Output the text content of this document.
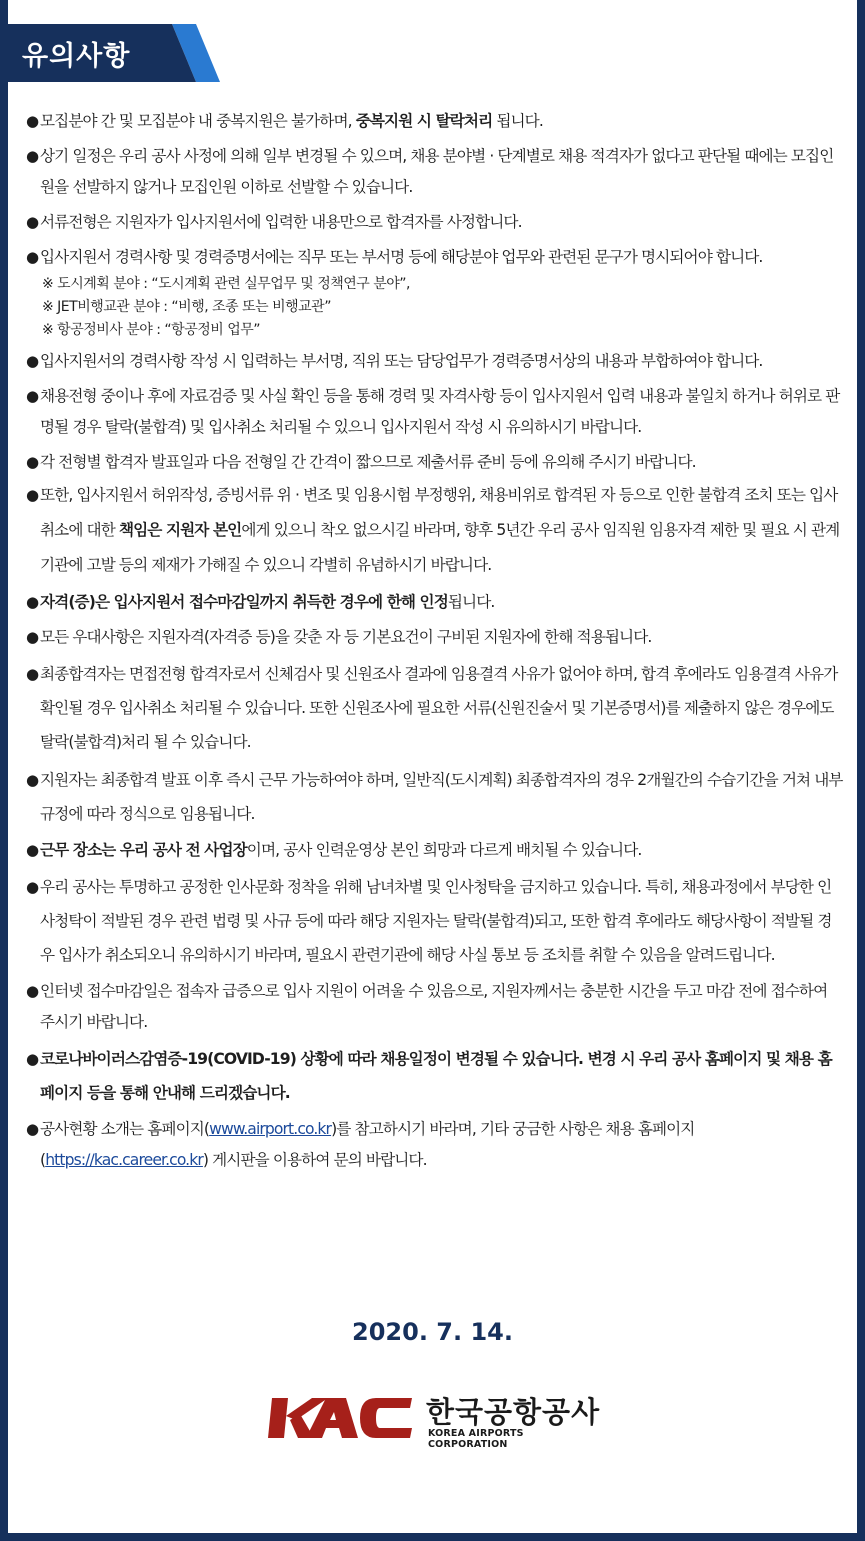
유의사항
● 모집분야 간 및 모집분야 내 중복지원은 불가하며, 중복지원 시 탈락처리 됩니다.
● 상기 일정은 우리 공사 사정에 의해 일부 변경될 수 있으며, 채용 분야별 · 단계별로 채용 적격자가 없다고 판단될 때에는 모집인원을 선발하지 않거나 모집인원 이하로 선발할 수 있습니다.
● 서류전형은 지원자가 입사지원서에 입력한 내용만으로 합격자를 사정합니다.
● 입사지원서 경력사항 및 경력증명서에는 직무 또는 부서명 등에 해당분야 업무와 관련된 문구가 명시되어야 합니다.
※ 도시계획 분야 : “도시계획 관련 실무업무 및 정책연구 분야”,
※ JET비행교관 분야 : “비행, 조종 또는 비행교관”
※ 항공정비사 분야 : “항공정비 업무”
● 입사지원서의 경력사항 작성 시 입력하는 부서명, 직위 또는 담당업무가 경력증명서상의 내용과 부합하여야 합니다.
● 채용전형 중이나 후에 자료검증 및 사실 확인 등을 통해 경력 및 자격사항 등이 입사지원서 입력 내용과 불일치 하거나 허위로 판명될 경우 탈락(불합격) 및 입사취소 처리될 수 있으니 입사지원서 작성 시 유의하시기 바랍니다.
● 각 전형별 합격자 발표일과 다음 전형일 간 간격이 짧으므로 제출서류 준비 등에 유의해 주시기 바랍니다.
● 또한, 입사지원서 허위작성, 증빙서류 위 · 변조 및 임용시험 부정행위, 채용비위로 합격된 자 등으로 인한 불합격 조치 또는 입사취소에 대한 책임은 지원자 본인에게 있으니 착오 없으시길 바라며, 향후 5년간 우리 공사 임직원 임용자격 제한 및 필요 시 관계기관에 고발 등의 제재가 가해질 수 있으니 각별히 유념하시기 바랍니다.
● 자격(증)은 입사지원서 접수마감일까지 취득한 경우에 한해 인정됩니다.
● 모든 우대사항은 지원자격(자격증 등)을 갖춘 자 등 기본요건이 구비된 지원자에 한해 적용됩니다.
● 최종합격자는 면접전형 합격자로서 신체검사 및 신원조사 결과에 임용결격 사유가 없어야 하며, 합격 후에라도 임용결격 사유가 확인될 경우 입사취소 처리될 수 있습니다. 또한 신원조사에 필요한 서류(신원진술서 및 기본증명서)를 제출하지 않은 경우에도 탈락(불합격)처리 될 수 있습니다.
● 지원자는 최종합격 발표 이후 즉시 근무 가능하여야 하며, 일반직(도시계획) 최종합격자의 경우 2개월간의 수습기간을 거쳐 내부규정에 따라 정식으로 임용됩니다.
● 근무 장소는 우리 공사 전 사업장이며, 공사 인력운영상 본인 희망과 다르게 배치될 수 있습니다.
● 우리 공사는 투명하고 공정한 인사문화 정착을 위해 남녀차별 및 인사청탁을 금지하고 있습니다. 특히, 채용과정에서 부당한 인사청탁이 적발된 경우 관련 법령 및 사규 등에 따라 해당 지원자는 탈락(불합격)되고, 또한 합격 후에라도 해당사항이 적발될 경우 입사가 취소되오니 유의하시기 바라며, 필요시 관련기관에 해당 사실 통보 등 조치를 취할 수 있음을 알려드립니다.
● 인터넷 접수마감일은 접속자 급증으로 입사 지원이 어려울 수 있음으로, 지원자께서는 충분한 시간을 두고 마감 전에 접수하여 주시기 바랍니다.
● 코로나바이러스감염증-19(COVID-19) 상황에 따라 채용일정이 변경될 수 있습니다. 변경 시 우리 공사 홈페이지 및 채용 홈페이지 등을 통해 안내해 드리겠습니다.
● 공사현황 소개는 홈페이지(www.airport.co.kr)를 참고하시기 바라며, 기타 궁금한 사항은 채용 홈페이지(https://kac.career.co.kr) 게시판을 이용하여 문의 바랍니다.
2020. 7. 14.
한국공항공사
KOREA AIRPORTS CORPORATION
